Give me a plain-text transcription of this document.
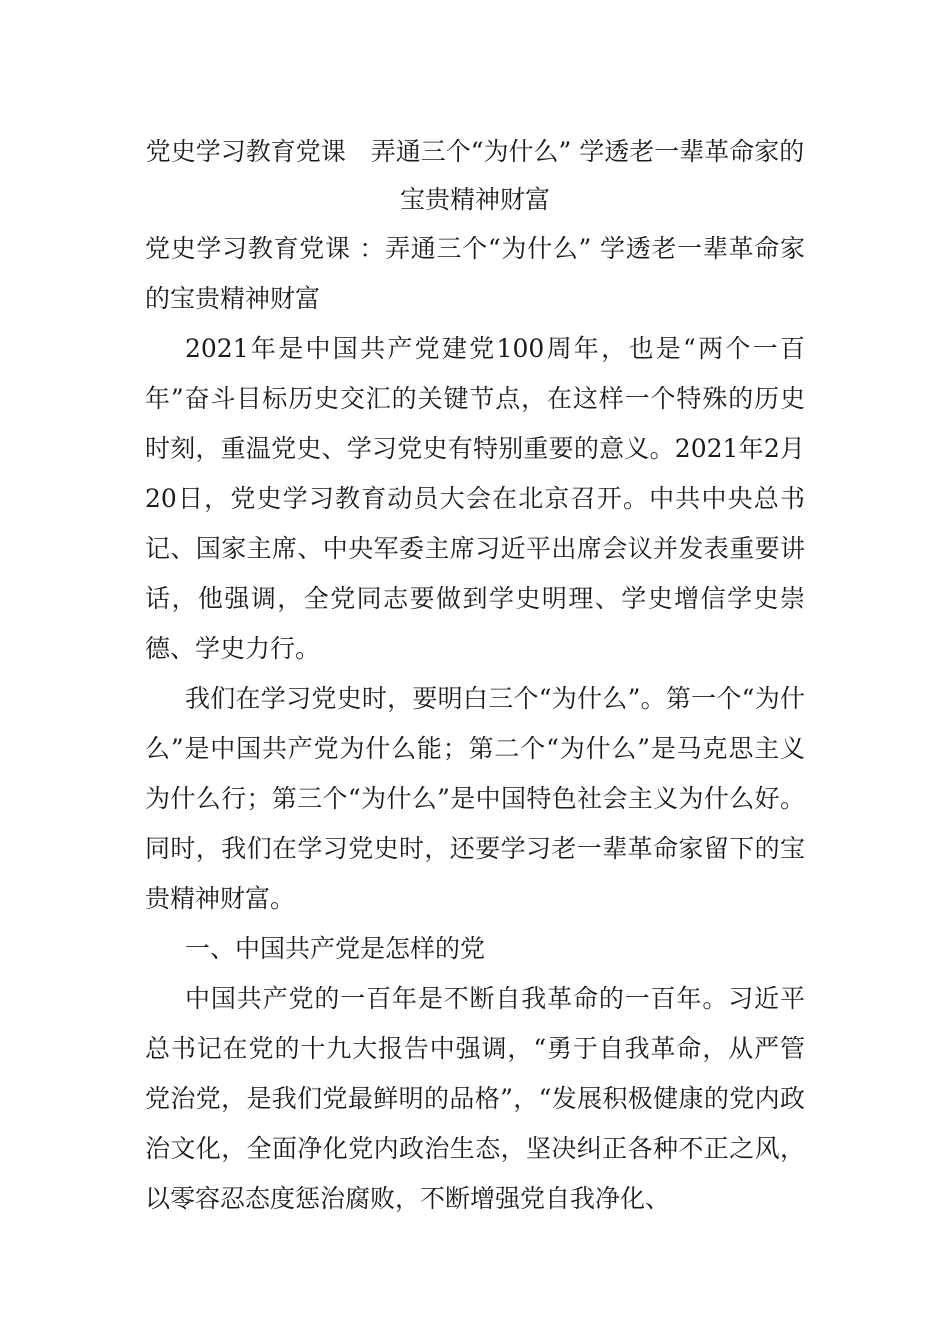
党史学习教育党课　弄通三个“为什么” 学透老一辈革命家的宝贵精神财富

党史学习教育党课 ：弄通三个“为什么” 学透老一辈革命家的宝贵精神财富

2021年是中国共产党建党100周年，也是“两个一百年”奋斗目标历史交汇的关键节点，在这样一个特殊的历史时刻，重温党史、学习党史有特别重要的意义。2021年2月20日，党史学习教育动员大会在北京召开。中共中央总书记、国家主席、中央军委主席习近平出席会议并发表重要讲话，他强调，全党同志要做到学史明理、学史增信学史崇德、学史力行。

我们在学习党史时，要明白三个“为什么”。第一个“为什么”是中国共产党为什么能；第二个“为什么”是马克思主义为什么行；第三个“为什么”是中国特色社会主义为什么好。同时，我们在学习党史时，还要学习老一辈革命家留下的宝贵精神财富。

一、中国共产党是怎样的党

中国共产党的一百年是不断自我革命的一百年。习近平总书记在党的十九大报告中强调，“勇于自我革命，从严管党治党，是我们党最鲜明的品格”，“发展积极健康的党内政治文化，全面净化党内政治生态，坚决纠正各种不正之风，以零容忍态度惩治腐败，不断增强党自我净化、
